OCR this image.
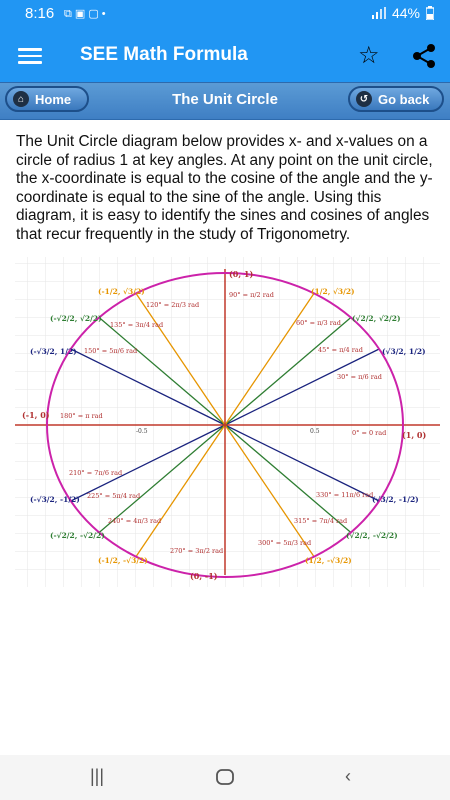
8:16 ⧉ ▣ ▢ •	44%
SEE Math Formula	☆
⌂ Home	The Unit Circle	↺ Go back
The Unit Circle diagram below provides x- and x-values on a circle of radius 1 at key angles. At any point on the unit circle, the x-coordinate is equal to the cosine of the angle and the y-coordinate is equal to the sine of the angle. Using this diagram, it is easy to identify the sines and cosines of angles that recur frequently in the study of Trigonometry.
(0, 1)
(0, -1)
(-1, 0)
(1, 0)
-0.5	0.5	0° = 0 rad
30° = π/6 rad
45° = π/4 rad
60° = π/3 rad
90° = π/2 rad
120° = 2π/3 rad
135° = 3π/4 rad
150° = 5π/6 rad
180° = π rad
210° = 7π/6 rad
225° = 5π/4 rad
240° = 4π/3 rad
270° = 3π/2 rad
300° = 5π/3 rad
315° = 7π/4 rad
330° = 11π/6 rad
(1/2, √3/2)
(√2/2, √2/2)
(√3/2, 1/2)
(-1/2, √3/2)
(-√2/2, √2/2)
(-√3/2, 1/2)
(-√3/2, -1/2)
(-√2/2, -√2/2)
(-1/2, -√3/2)	(1/2, -√3/2)
(√2/2, -√2/2)
(√3/2, -1/2)
|||	‹
